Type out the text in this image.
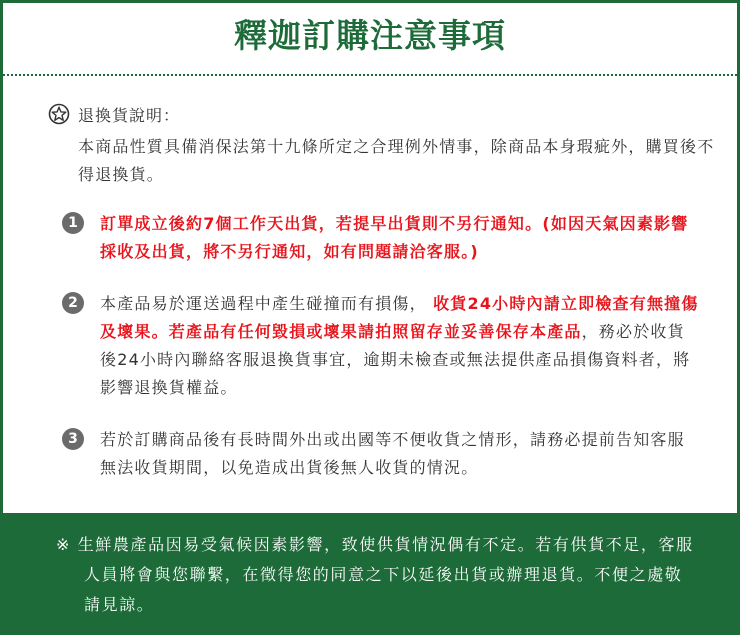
釋迦訂購注意事項
退換貨說明：
本商品性質具備消保法第十九條所定之合理例外情事，除商品本身瑕疵外，購買後不得退換貨。
1	訂單成立後約7個工作天出貨，若提早出貨則不另行通知。(如因天氣因素影響採收及出貨，將不另行通知，如有問題請洽客服。)
2	本產品易於運送過程中產生碰撞而有損傷， 收貨24小時內請立即檢查有無撞傷及壞果。若產品有任何毀損或壞果請拍照留存並妥善保存本產品，務必於收貨後24小時內聯絡客服退換貨事宜，逾期未檢查或無法提供產品損傷資料者，將影響退換貨權益。
3	若於訂購商品後有長時間外出或出國等不便收貨之情形，請務必提前告知客服無法收貨期間，以免造成出貨後無人收貨的情況。
※ 生鮮農產品因易受氣候因素影響，致使供貨情況偶有不定。若有供貨不足，客服人員將會與您聯繫，在徵得您的同意之下以延後出貨或辦理退貨。不便之處敬請見諒。
